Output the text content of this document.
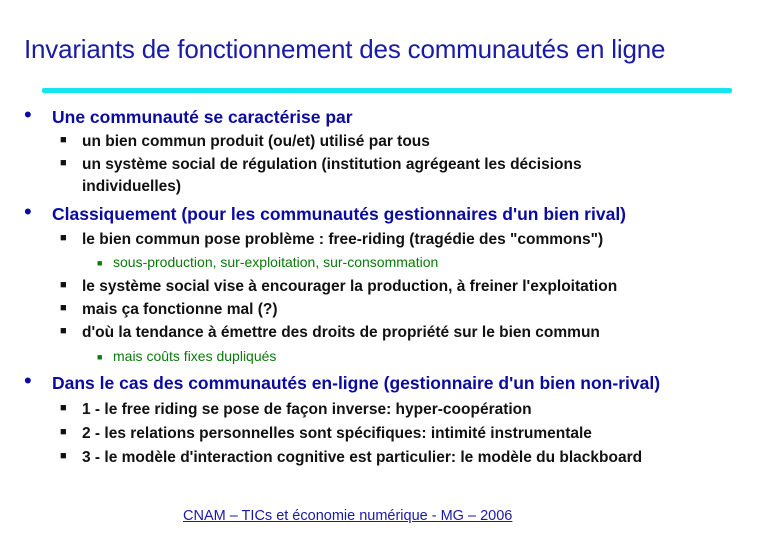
Invariants de fonctionnement des communautés en ligne
• Une communauté se caractérise par
■ un bien commun produit (ou/et) utilisé par tous
■ un système social de régulation (institution agrégeant les décisions
individuelles)
• Classiquement (pour les communautés gestionnaires d'un bien rival)
■ le bien commun pose problème : free-riding (tragédie des "commons")
■ sous-production, sur-exploitation, sur-consommation
■ le système social vise à encourager la production, à freiner l'exploitation
■ mais ça fonctionne mal (?)
■ d'où la tendance à émettre des droits de propriété sur le bien commun
■ mais coûts fixes dupliqués
• Dans le cas des communautés en-ligne (gestionnaire d'un bien non-rival)
■ 1 - le free riding se pose de façon inverse: hyper-coopération
■ 2 - les relations personnelles sont spécifiques: intimité instrumentale
■ 3 - le modèle d'interaction cognitive est particulier: le modèle du blackboard
CNAM – TICs et économie numérique - MG – 2006
